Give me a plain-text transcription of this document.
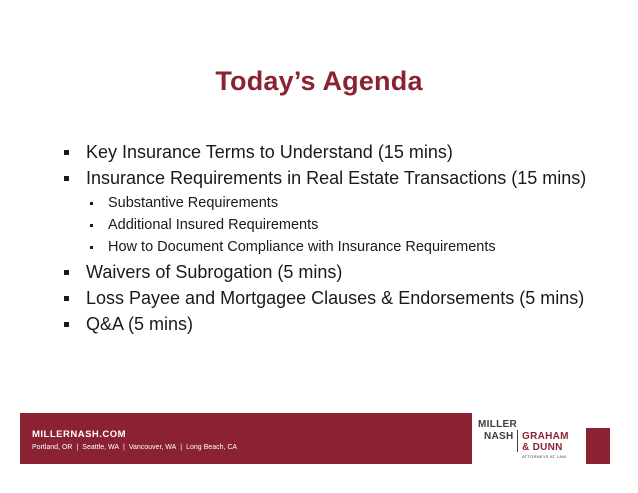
Today’s Agenda
Key Insurance Terms to Understand (15 mins)
Insurance Requirements in Real Estate Transactions (15 mins)
Substantive Requirements
Additional Insured Requirements
How to Document Compliance with Insurance Requirements
Waivers of Subrogation (5 mins)
Loss Payee and Mortgagee Clauses & Endorsements (5 mins)
Q&A (5 mins)
MILLERNASH.COM
Portland, OR | Seattle, WA | Vancouver, WA | Long Beach, CA
MILLER
NASH GRAHAM
& DUNN
ATTORNEYS AT LAW
